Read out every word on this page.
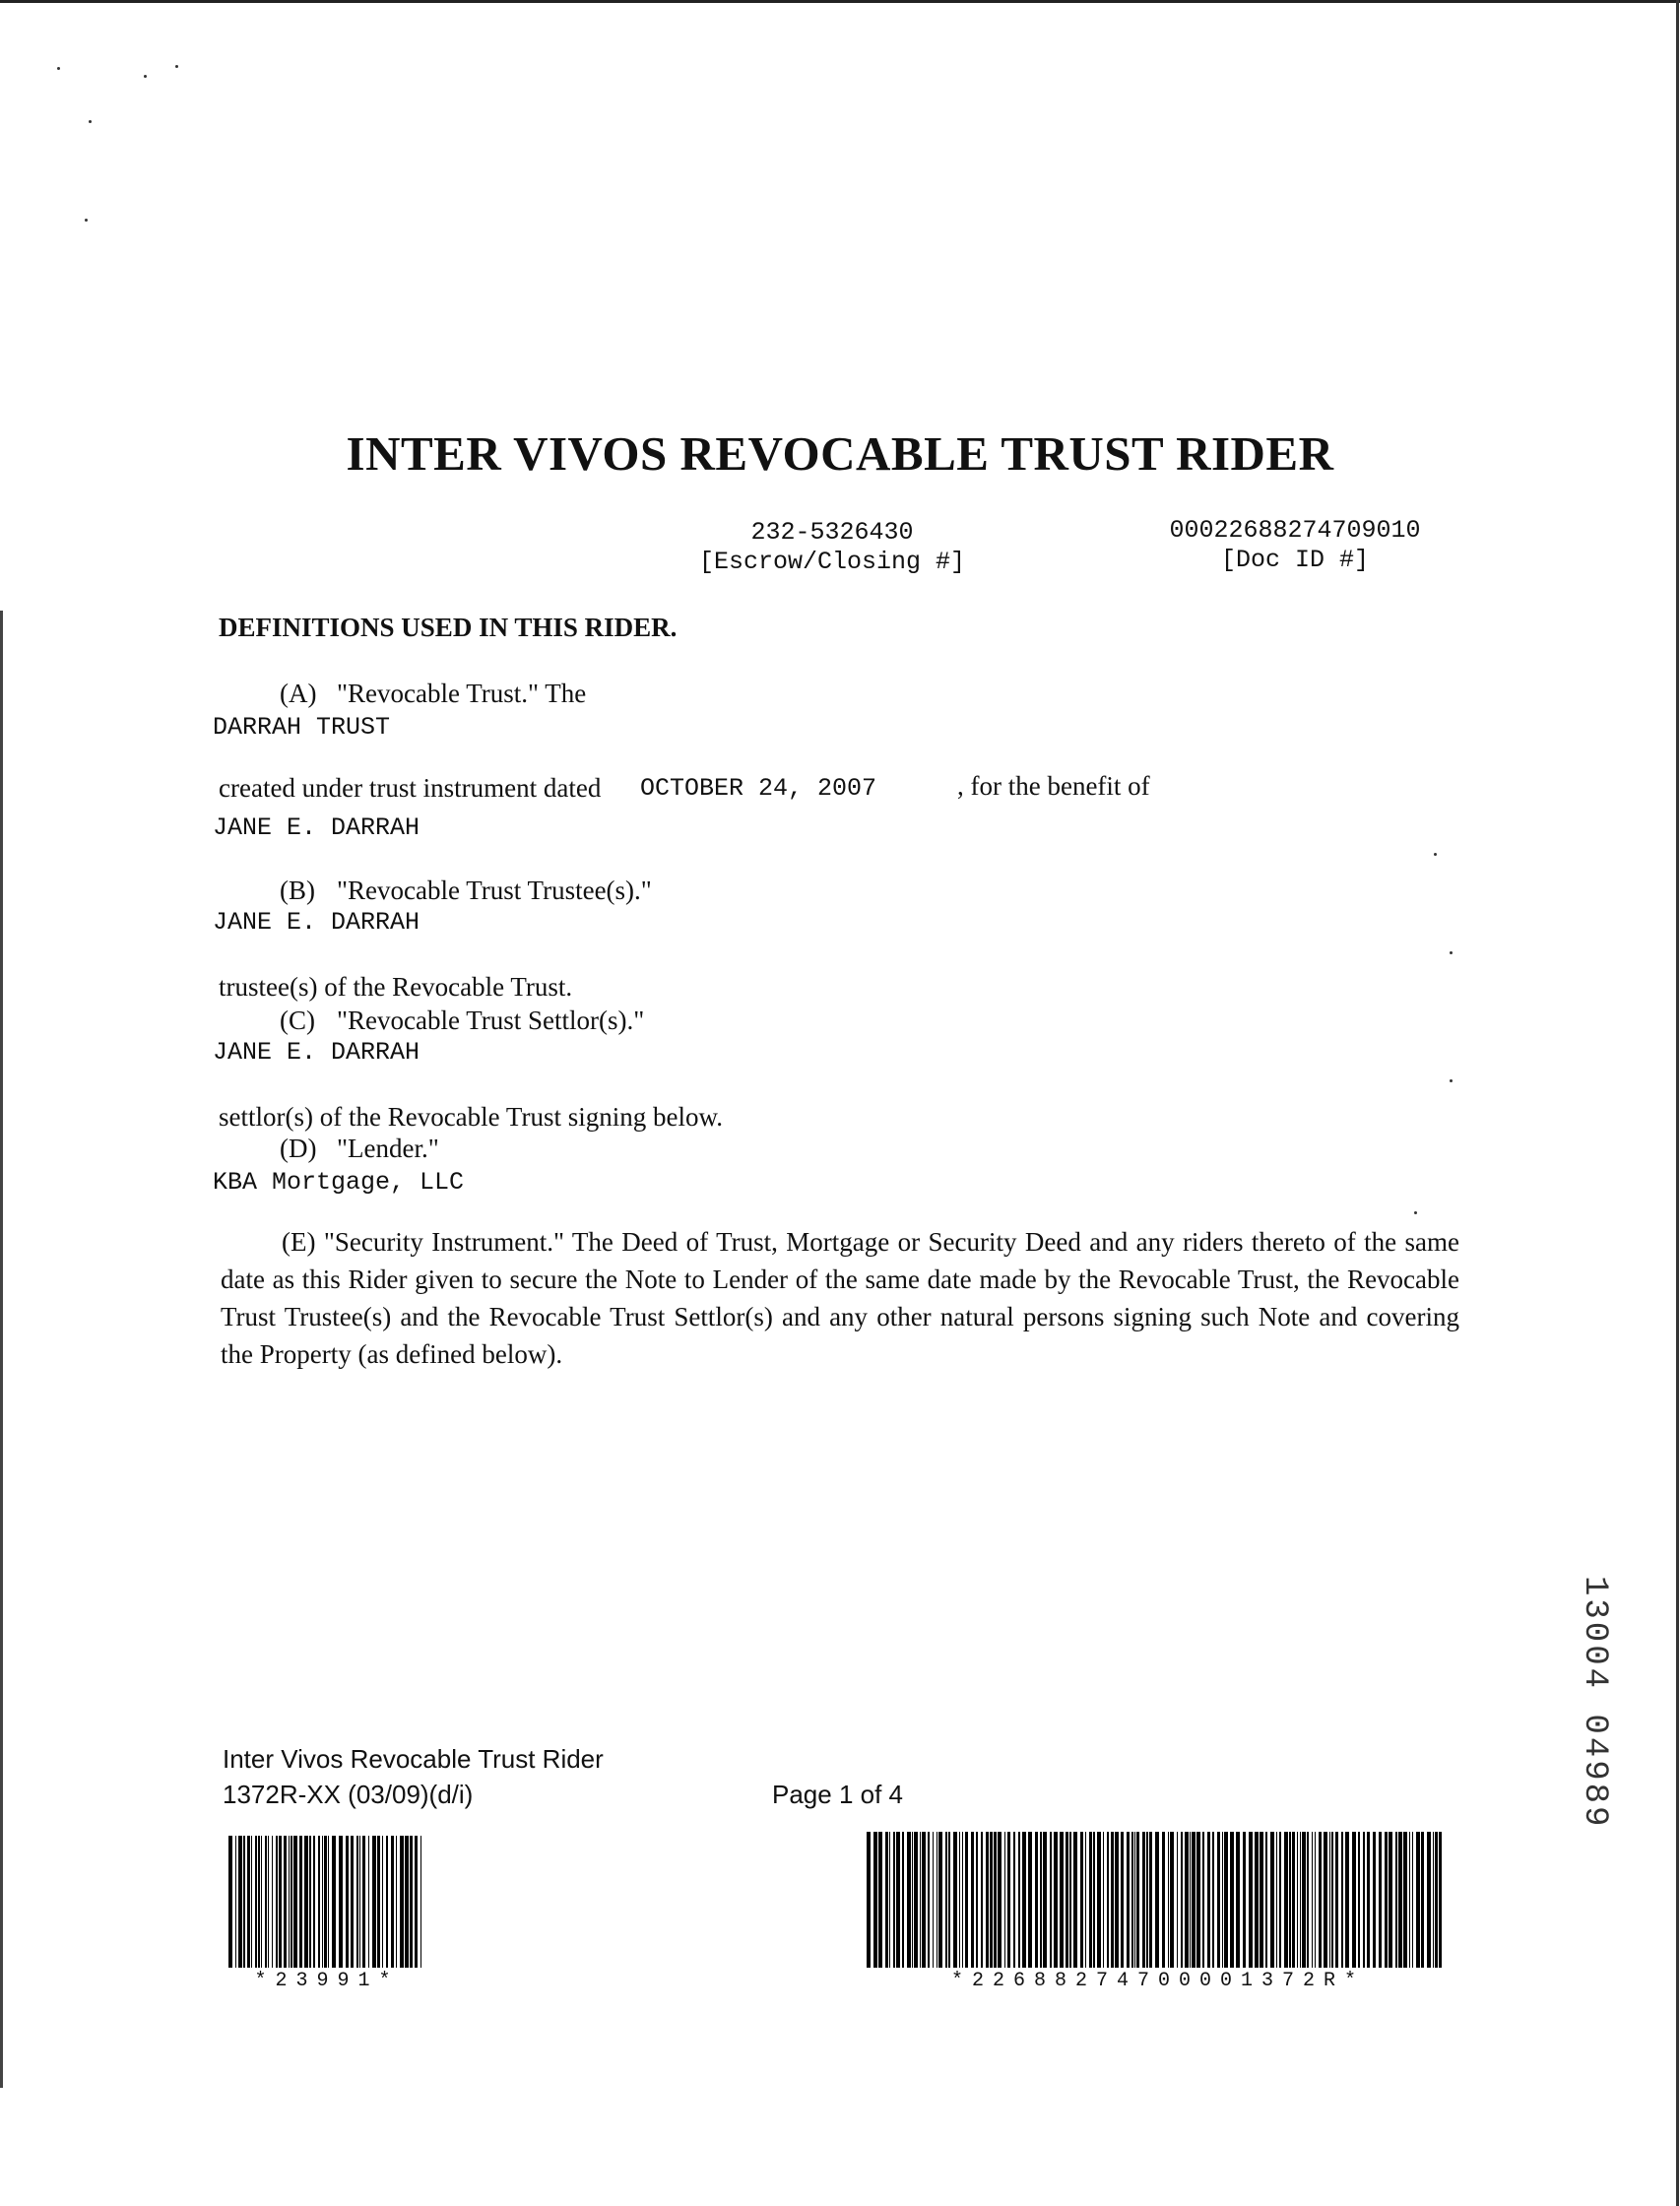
INTER VIVOS REVOCABLE TRUST RIDER
232-5326430
[Escrow/Closing #]
00022688274709010
[Doc ID #]
DEFINITIONS USED IN THIS RIDER.
(A) "Revocable Trust." The
DARRAH TRUST
created under trust instrument dated OCTOBER 24, 2007	, for the benefit of
JANE E. DARRAH
(B) "Revocable Trust Trustee(s)."
JANE E. DARRAH
trustee(s) of the Revocable Trust.
(C) "Revocable Trust Settlor(s)."
JANE E. DARRAH
settlor(s) of the Revocable Trust signing below.
(D) "Lender."
KBA Mortgage, LLC
(E) "Security Instrument." The Deed of Trust, Mortgage or Security Deed and any riders thereto of the same date as this Rider given to secure the Note to Lender of the same date made by the Revocable Trust, the Revocable Trust Trustee(s) and the Revocable Trust Settlor(s) and any other natural persons signing such Note and covering the Property (as defined below).
Inter Vivos Revocable Trust Rider
1372R-XX (03/09)(d/i)	Page 1 of 4
*23991*	*22688274700001372R*
13004 04989
